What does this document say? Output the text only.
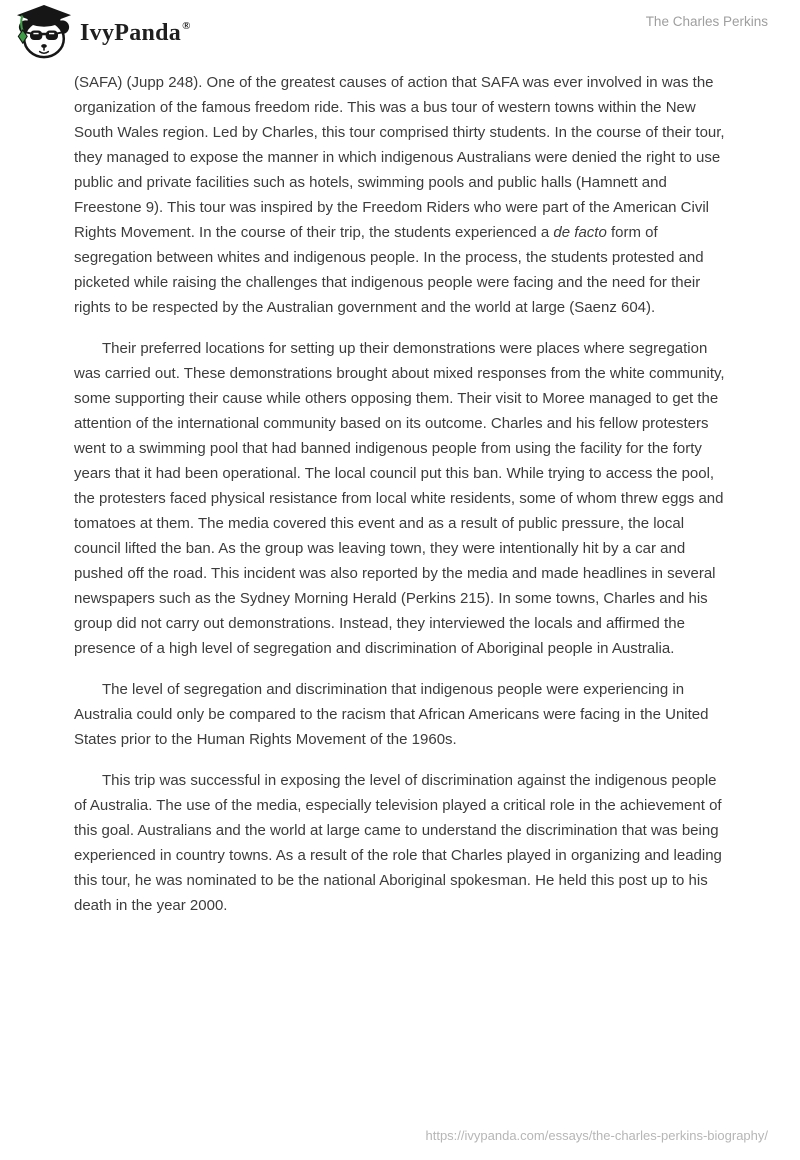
IvyPanda®	The Charles Perkins

(SAFA) (Jupp 248). One of the greatest causes of action that SAFA was ever involved in was the organization of the famous freedom ride. This was a bus tour of western towns within the New South Wales region. Led by Charles, this tour comprised thirty students. In the course of their tour, they managed to expose the manner in which indigenous Australians were denied the right to use public and private facilities such as hotels, swimming pools and public halls (Hamnett and Freestone 9). This tour was inspired by the Freedom Riders who were part of the American Civil Rights Movement. In the course of their trip, the students experienced a de facto form of segregation between whites and indigenous people. In the process, the students protested and picketed while raising the challenges that indigenous people were facing and the need for their rights to be respected by the Australian government and the world at large (Saenz 604).

Their preferred locations for setting up their demonstrations were places where segregation was carried out. These demonstrations brought about mixed responses from the white community, some supporting their cause while others opposing them. Their visit to Moree managed to get the attention of the international community based on its outcome. Charles and his fellow protesters went to a swimming pool that had banned indigenous people from using the facility for the forty years that it had been operational. The local council put this ban. While trying to access the pool, the protesters faced physical resistance from local white residents, some of whom threw eggs and tomatoes at them. The media covered this event and as a result of public pressure, the local council lifted the ban. As the group was leaving town, they were intentionally hit by a car and pushed off the road. This incident was also reported by the media and made headlines in several newspapers such as the Sydney Morning Herald (Perkins 215). In some towns, Charles and his group did not carry out demonstrations. Instead, they interviewed the locals and affirmed the presence of a high level of segregation and discrimination of Aboriginal people in Australia.

The level of segregation and discrimination that indigenous people were experiencing in Australia could only be compared to the racism that African Americans were facing in the United States prior to the Human Rights Movement of the 1960s.

This trip was successful in exposing the level of discrimination against the indigenous people of Australia. The use of the media, especially television played a critical role in the achievement of this goal. Australians and the world at large came to understand the discrimination that was being experienced in country towns. As a result of the role that Charles played in organizing and leading this tour, he was nominated to be the national Aboriginal spokesman. He held this post up to his death in the year 2000.

https://ivypanda.com/essays/the-charles-perkins-biography/
